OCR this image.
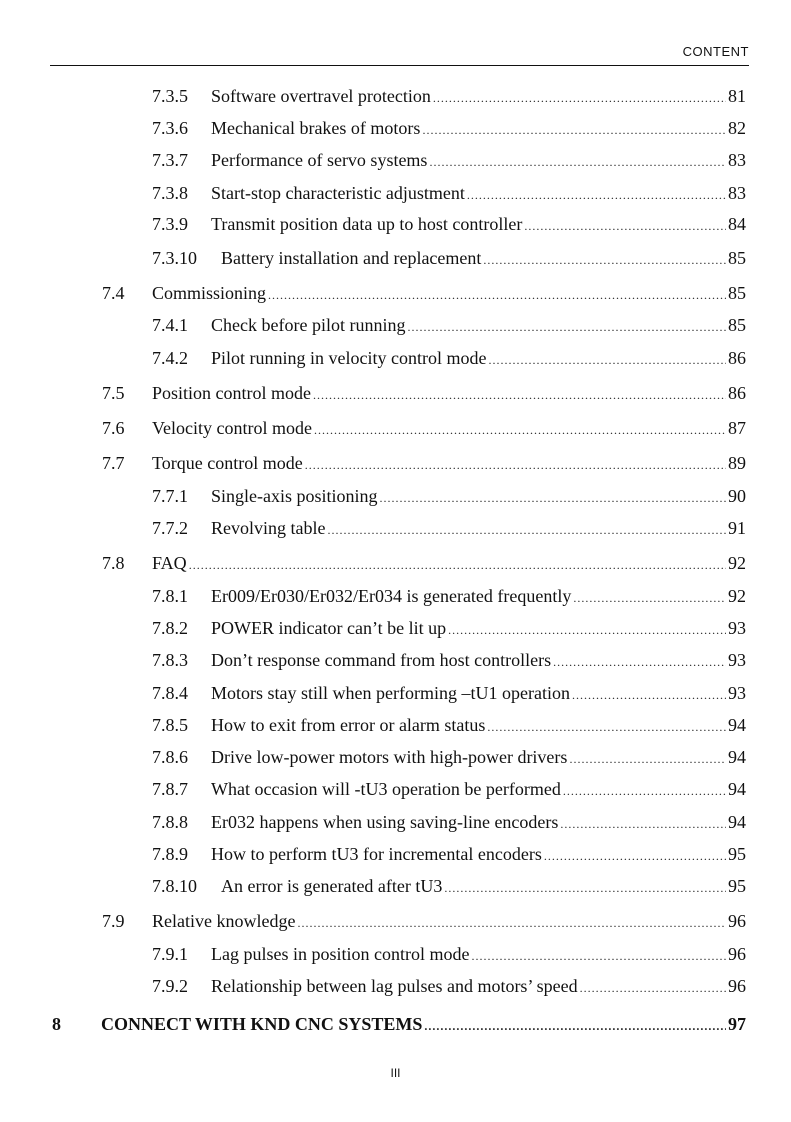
CONTENT
7.3.5	Software overtravel protection .....	81
7.3.6	Mechanical brakes of motors .....	82
7.3.7	Performance of servo systems .....	83
7.3.8	Start-stop characteristic adjustment .....	83
7.3.9	Transmit position data up to host controller .....	84
7.3.10	Battery installation and replacement .....	85
7.4	Commissioning .....	85
7.4.1	Check before pilot running .....	85
7.4.2	Pilot running in velocity control mode .....	86
7.5	Position control mode .....	86
7.6	Velocity control mode .....	87
7.7	Torque control mode .....	89
7.7.1	Single-axis positioning .....	90
7.7.2	Revolving table .....	91
7.8	FAQ .....	92
7.8.1	Er009/Er030/Er032/Er034 is generated frequently .....	92
7.8.2	POWER indicator can’t be lit up .....	93
7.8.3	Don’t response command from host controllers .....	93
7.8.4	Motors stay still when performing –tU1 operation .....	93
7.8.5	How to exit from error or alarm status .....	94
7.8.6	Drive low-power motors with high-power drivers .....	94
7.8.7	What occasion will -tU3 operation be performed .....	94
7.8.8	Er032 happens when using saving-line encoders .....	94
7.8.9	How to perform tU3 for incremental encoders .....	95
7.8.10	An error is generated after tU3 .....	95
7.9	Relative knowledge .....	96
7.9.1	Lag pulses in position control mode .....	96
7.9.2	Relationship between lag pulses and motors’ speed .....	96
8	CONNECT WITH KND CNC SYSTEMS .....	97
III
